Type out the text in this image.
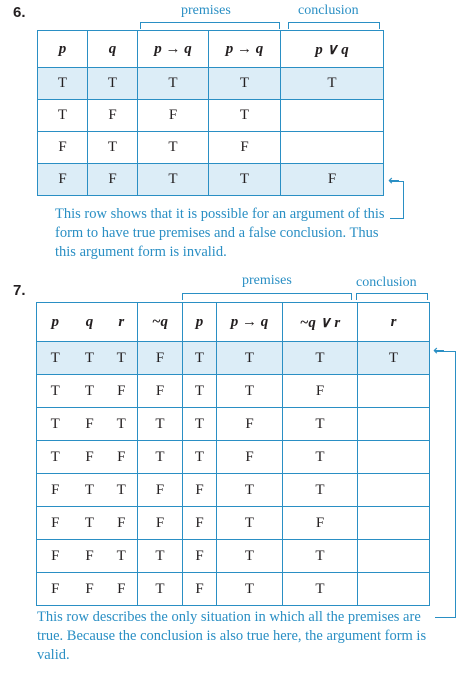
6.	premises	conclusion
p	q	p → q	p → q	p ∨ q
T	T	T	T	T
T	F	F	T	
F	T	T	F	
F	F	T	T	F	←
This row shows that it is possible for an argument of this form to have true premises and a false conclusion. Thus this argument form is invalid.
7.
premises	conclusion
p	q	r	~q	p	p → q	~q ∨ r	r
T	T	T	F	T	T	T	T
T	T	F	F	T	T	F	
T	F	T	T	T	F	T	
T	F	F	T	T	F	T	
F	T	T	F	F	T	T	
F	T	F	F	F	T	F	
F	F	T	T	F	T	T	
F	F	F	T	F	T	T	
←
This row describes the only situation in which all the premises are true. Because the conclusion is also true here, the argument form is valid.
